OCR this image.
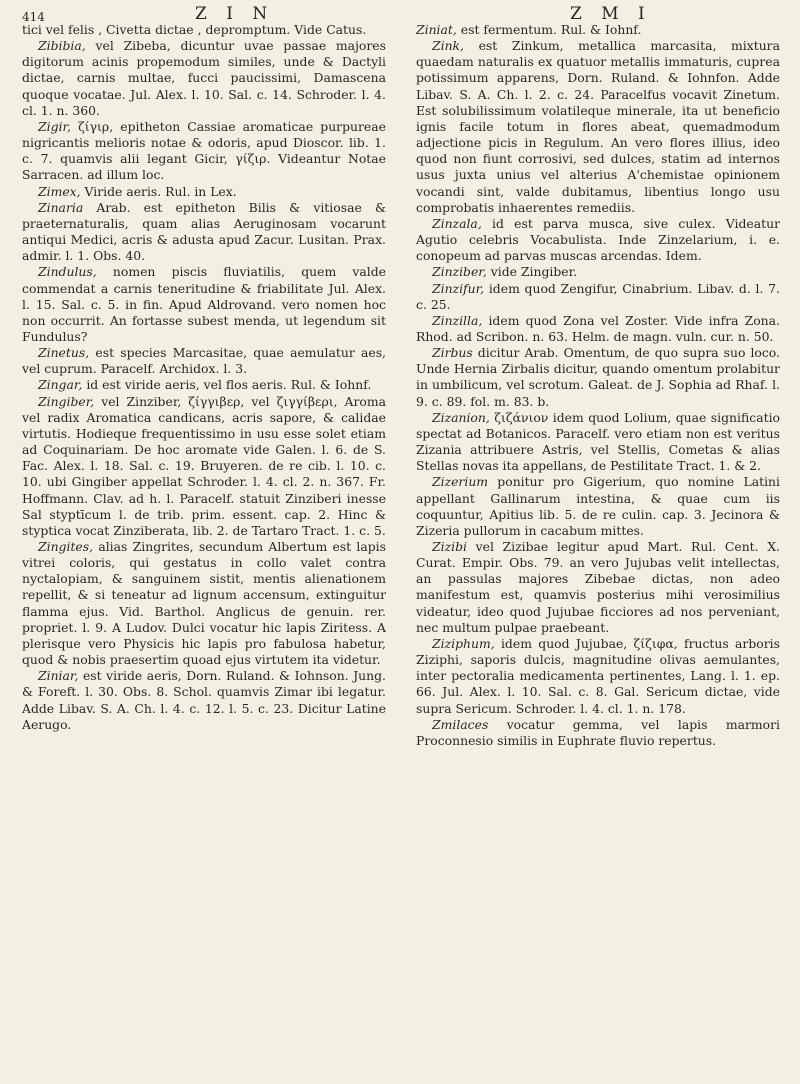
414	Z I N	Z M I

tici vel felis , Civetta dictae , depromptum. Vide Catus.

Zibibia, vel Zibeba, dicuntur uvae passae majores digitorum acinis propemodum similes, unde & Dactyli dictae, carnis multae, fucci paucissimi, Damascena quoque vocatae. Jul. Alex. l. 10. Sal. c. 14. Schroder. l. 4. cl. 1. n. 360.

Zigir, ζίγιρ, epitheton Cassiae aromaticae purpureae nigricantis melioris notae & odoris, apud Dioscor. lib. 1. c. 7. quamvis alii legant Gicir, γίζιρ. Videantur Notae Sarracen. ad illum loc.

Zimex, Viride aeris. Rul. in Lex.

Zinaria Arab. est epitheton Bilis & vitiosae & praeternaturalis, quam alias Aeruginosam vocarunt antiqui Medici, acris & adusta apud Zacur. Lusitan. Prax. admir. l. 1. Obs. 40.

Zindulus, nomen piscis fluviatilis, quem valde commendat a carnis teneritudine & friabilitate Jul. Alex. l. 15. Sal. c. 5. in fin. Apud Aldrovand. vero nomen hoc non occurrit. An fortasse subest menda, ut legendum sit Fundulus?

Zinetus, est species Marcasitae, quae aemulatur aes, vel cuprum. Paracelf. Archidox. l. 3.

Zingar, id est viride aeris, vel flos aeris. Rul. & Iohnf.

Zingiber, vel Zinziber, ζίγγιβερ, vel ζιγγίβερι, Aroma vel radix Aromatica candicans, acris sapore, & calidae virtutis. Hodieque frequentissimo in usu esse solet etiam ad Coquinariam. De hoc aromate vide Galen. l. 6. de S. Fac. Alex. l. 18. Sal. c. 19. Bruyeren. de re cib. l. 10. c. 10. ubi Gingiber appellat Schroder. l. 4. cl. 2. n. 367. Fr. Hoffmann. Clav. ad h. l. Paracelf. statuit Zinziberi inesse Sal styptīcum l. de trib. prim. essent. cap. 2. Hinc & styptica vocat Zinziberata, lib. 2. de Tartaro Tract. 1. c. 5.

Zingites, alias Zingrites, secundum Albertum est lapis vitrei coloris, qui gestatus in collo valet contra nyctalopiam, & sanguinem sistit, mentis alienationem repellit, & si teneatur ad lignum accensum, extinguitur flamma ejus. Vid. Barthol. Anglicus de genuin. rer. propriet. l. 9. A Ludov. Dulci vocatur hic lapis Ziritess. A plerisque vero Physicis hic lapis pro fabulosa habetur, quod & nobis praesertim quoad ejus virtutem ita videtur.

Ziniar, est viride aeris, Dorn. Ruland. & Iohnson. Jung. & Foreft. l. 30. Obs. 8. Schol. quamvis Zimar ibi legatur. Adde Libav. S. A. Ch. l. 4. c. 12. l. 5. c. 23. Dicitur Latine Aerugo.

Ziniat, est fermentum. Rul. & Iohnf.

Zink, est Zinkum, metallica marcasita, mixtura quaedam naturalis ex quatuor metallis immaturis, cuprea potissimum apparens, Dorn. Ruland. & Iohnfon. Adde Libav. S. A. Ch. l. 2. c. 24. Paracelfus vocavit Zinetum. Est solubilissimum volatileque minerale, ita ut beneficio ignis facile totum in flores abeat, quemadmodum adjectione picis in Regulum. An vero flores illius, ideo quod non fiunt corrosivi, sed dulces, statim ad internos usus juxta unius vel alterius A'chemistae opinionem vocandi sint, valde dubitamus, libentius longo usu comprobatis inhaerentes remediis.

Zinzala, id est parva musca, sive culex. Videatur Agutio celebris Vocabulista. Inde Zinzelarium, i. e. conopeum ad parvas muscas arcendas. Idem.

Zinziber, vide Zingiber.

Zinzifur, idem quod Zengifur, Cinabrium. Libav. d. l. 7. c. 25.

Zinzilla, idem quod Zona vel Zoster. Vide infra Zona. Rhod. ad Scribon. n. 63. Helm. de magn. vuln. cur. n. 50.

Zirbus dicitur Arab. Omentum, de quo supra suo loco. Unde Hernia Zirbalis dicitur, quando omentum prolabitur in umbilicum, vel scrotum. Galeat. de J. Sophia ad Rhaf. l. 9. c. 89. fol. m. 83. b.

Zizanion, ζιζάνιον idem quod Lolium, quae significatio spectat ad Botanicos. Paracelf. vero etiam non est veritus Zizania attribuere Astris, vel Stellis, Cometas & alias Stellas novas ita appellans, de Pestilitate Tract. 1. & 2.

Zizerium ponitur pro Gigerium, quo nomine Latini appellant Gallinarum intestina, & quae cum iis coquuntur, Apitius lib. 5. de re culin. cap. 3. Jecinora & Zizeria pullorum in cacabum mittes.

Zizibi vel Zizibae legitur apud Mart. Rul. Cent. X. Curat. Empir. Obs. 79. an vero Jujubas velit intellectas, an passulas majores Zibebae dictas, non adeo manifestum est, quamvis posterius mihi verosimilius videatur, ideo quod Jujubae ficciores ad nos perveniant, nec multum pulpae praebeant.

Ziziphum, idem quod Jujubae, ζίζιφα, fructus arboris Ziziphi, saporis dulcis, magnitudine olivas aemulantes, inter pectoralia medicamenta pertinentes, Lang. l. 1. ep. 66. Jul. Alex. l. 10. Sal. c. 8. Gal. Sericum dictae, vide supra Sericum. Schroder. l. 4. cl. 1. n. 178.

Zmilaces vocatur gemma, vel lapis marmori Proconnesio similis in Euphrate fluvio repertus.
